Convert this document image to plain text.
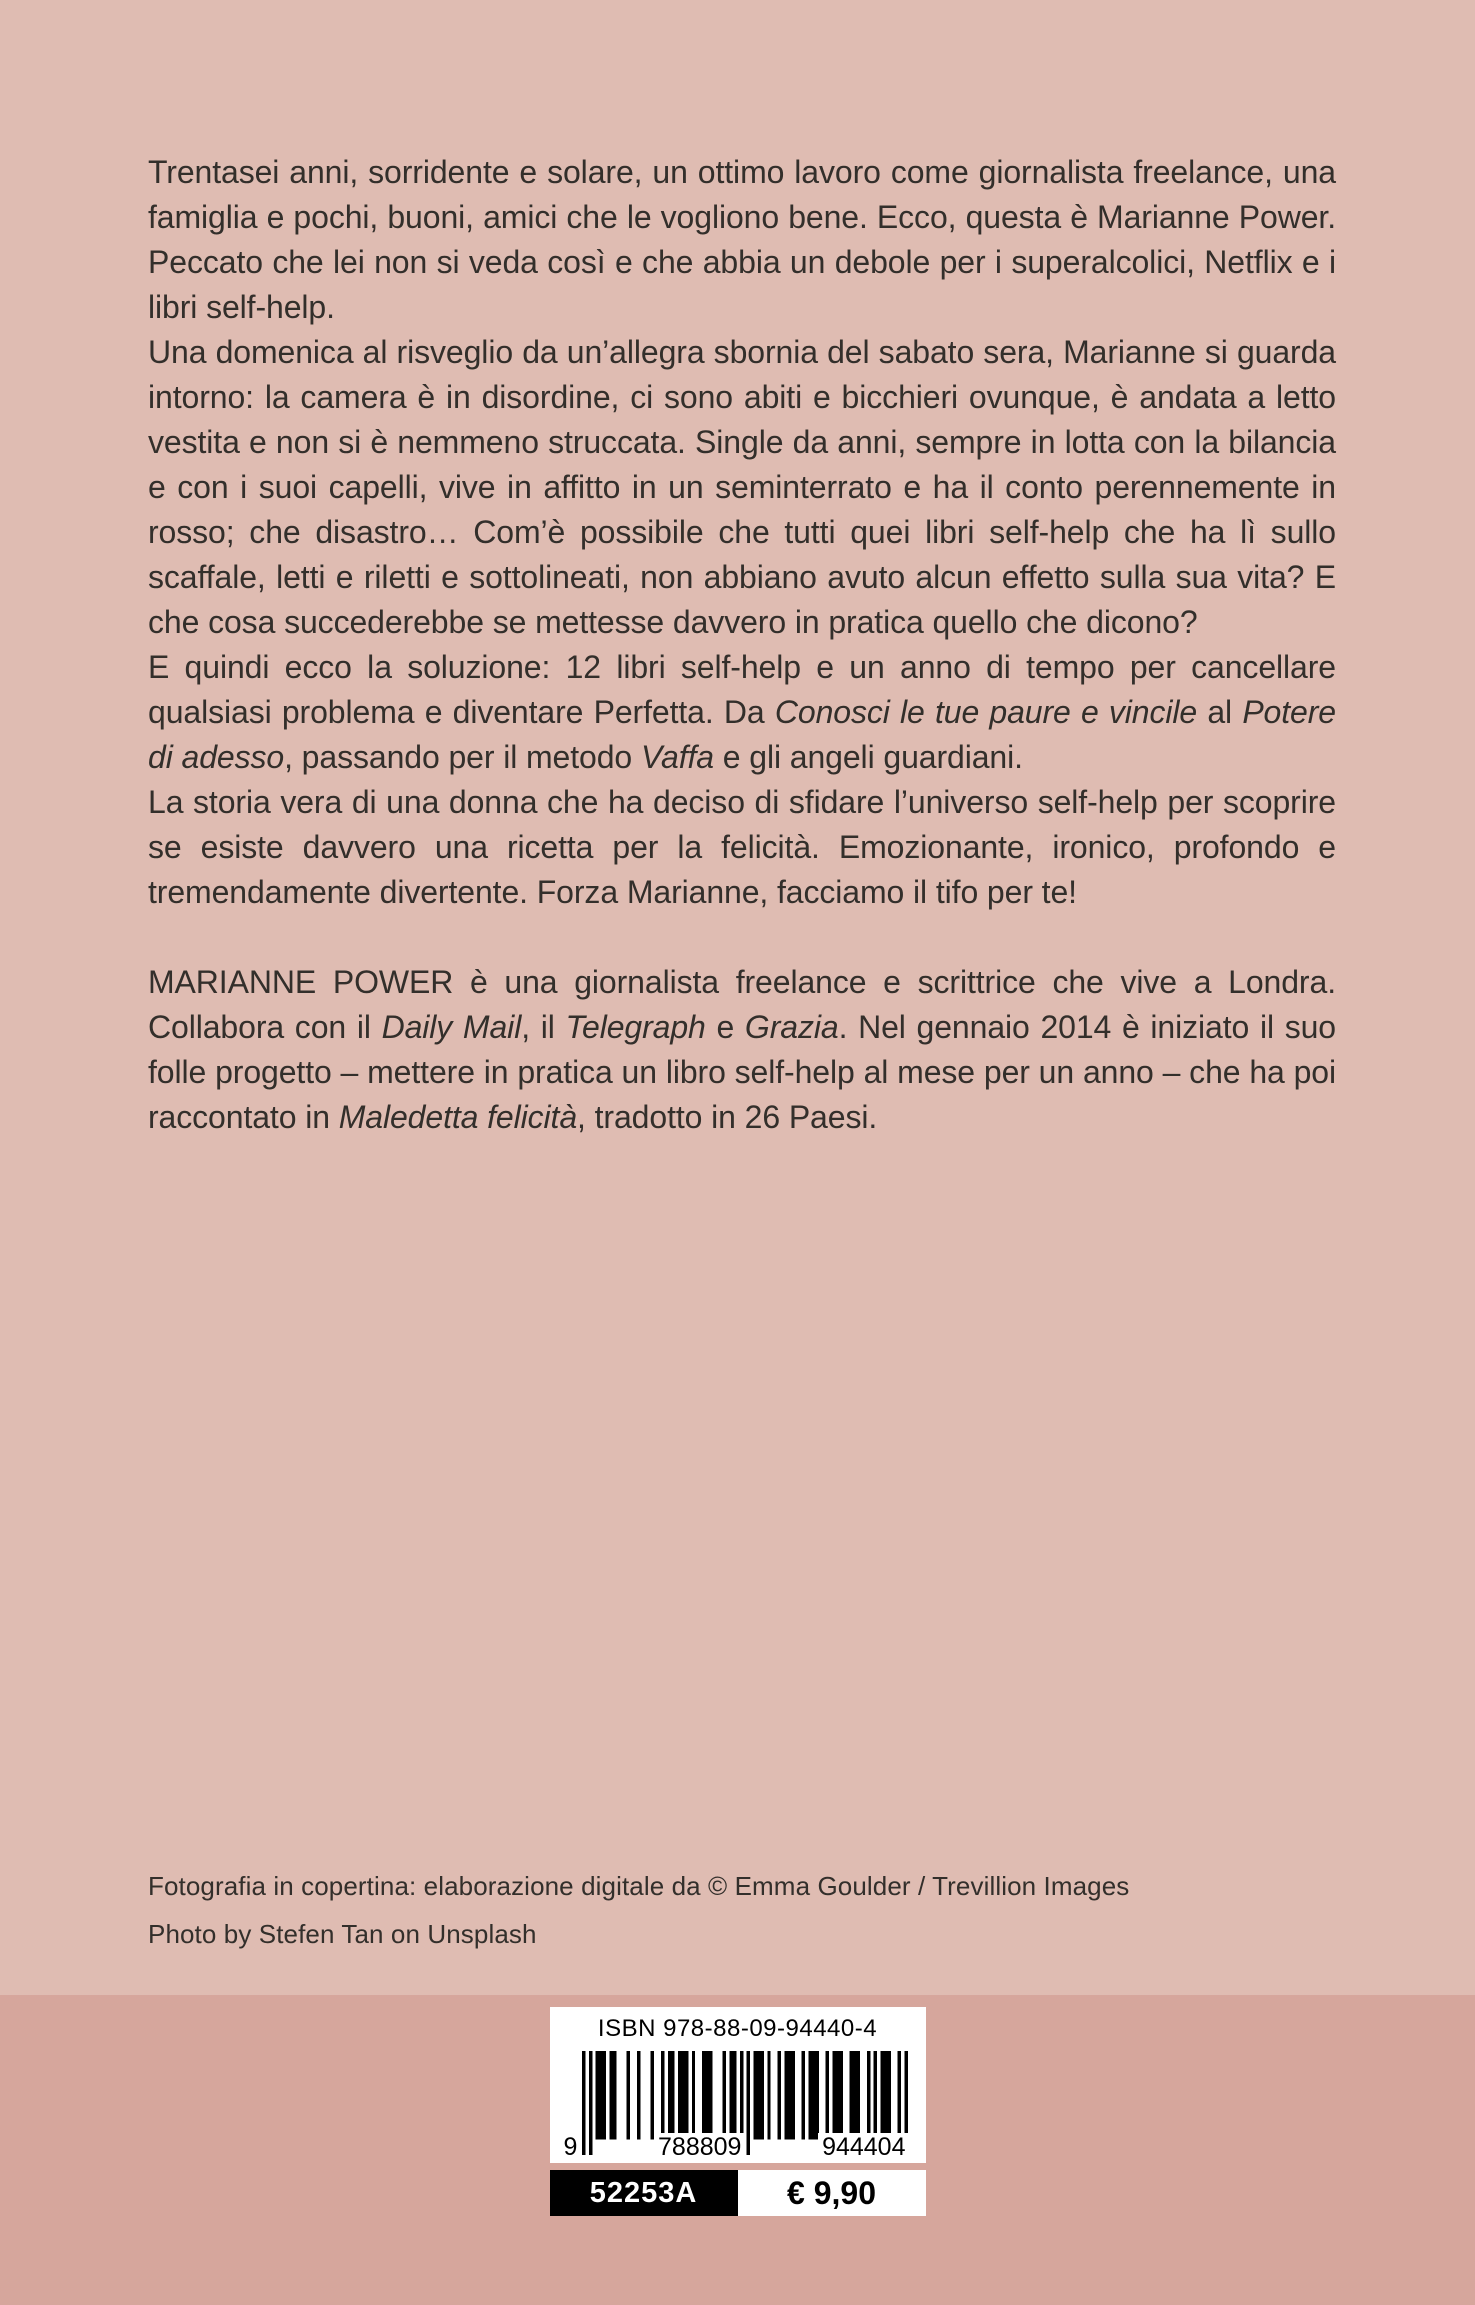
Trentasei anni, sorridente e solare, un ottimo lavoro come giornalista freelance, una famiglia e pochi, buoni, amici che le vogliono bene. Ecco, questa è Marianne Power. Peccato che lei non si veda così e che abbia un debole per i superalcolici, Netflix e i libri self-help.

Una domenica al risveglio da un’allegra sbornia del sabato sera, Marianne si guarda intorno: la camera è in disordine, ci sono abiti e bicchieri ovunque, è andata a letto vestita e non si è nemmeno struccata. Single da anni, sempre in lotta con la bilancia e con i suoi capelli, vive in affitto in un seminterrato e ha il conto perennemente in rosso; che disastro… Com’è possibile che tutti quei libri self-help che ha lì sullo scaffale, letti e riletti e sottolineati, non abbiano avuto alcun effetto sulla sua vita? E che cosa succederebbe se mettesse davvero in pratica quello che dicono?

E quindi ecco la soluzione: 12 libri self-help e un anno di tempo per cancellare qualsiasi problema e diventare Perfetta. Da Conosci le tue paure e vincile al Potere di adesso, passando per il metodo Vaffa e gli angeli guardiani.

La storia vera di una donna che ha deciso di sfidare l’universo self-help per scoprire se esiste davvero una ricetta per la felicità. Emozionante, ironico, profondo e tremendamente divertente. Forza Marianne, facciamo il tifo per te!

MARIANNE POWER è una giornalista freelance e scrittrice che vive a Londra. Collabora con il Daily Mail, il Telegraph e Grazia. Nel gennaio 2014 è iniziato il suo folle progetto – mettere in pratica un libro self-help al mese per un anno – che ha poi raccontato in Maledetta felicità, tradotto in 26 Paesi.

Fotografia in copertina: elaborazione digitale da © Emma Goulder / Trevillion Images
Photo by Stefen Tan on Unsplash
ISBN 978-88-09-94440-4
9	788809	944404
52253A	€ 9,90
